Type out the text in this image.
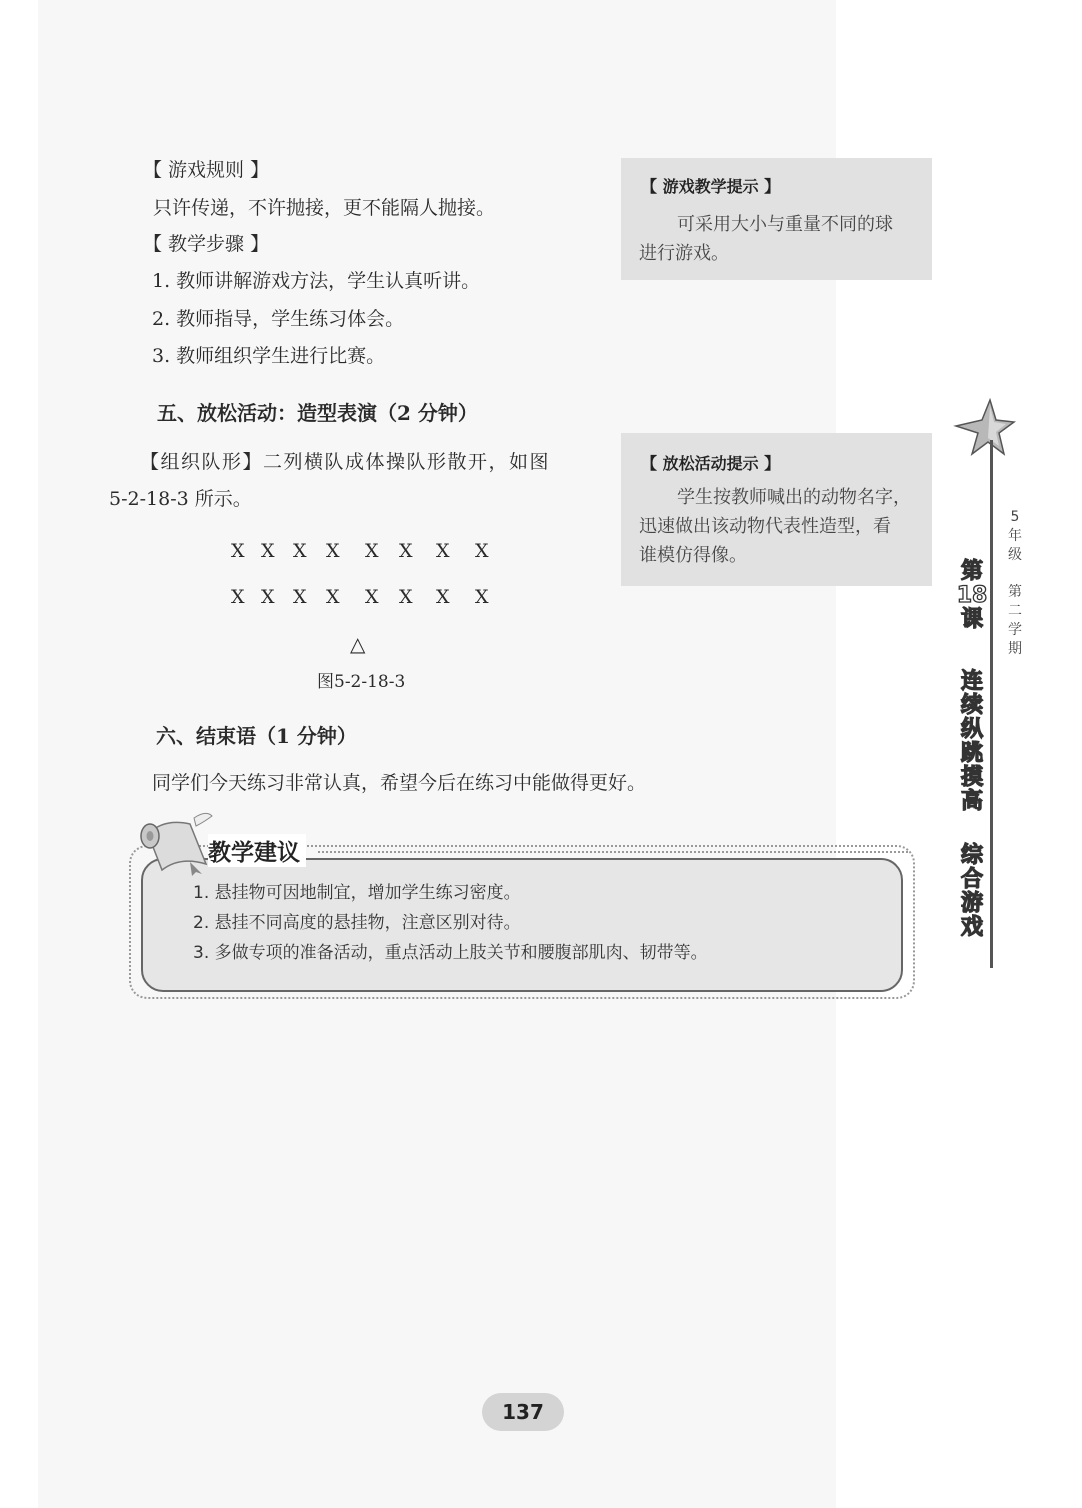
【 游戏规则 】
只许传递，不许抛接，更不能隔人抛接。
【 教学步骤 】
1. 教师讲解游戏方法，学生认真听讲。
2. 教师指导，学生练习体会。
3. 教师组织学生进行比赛。
【 游戏教学提示 】
可采用大小与重量不同的球
进行游戏。
五、放松活动：造型表演（2 分钟）
【组织队形】二列横队成体操队形散开，如图
5-2-18-3 所示。
【 放松活动提示 】
学生按教师喊出的动物名字，
迅速做出该动物代表性造型，看
谁模仿得像。
X X X X X X X X
X X X X X X X X
△
图5-2-18-3
六、结束语（1 分钟）
同学们今天练习非常认真，希望今后在练习中能做得更好。
教学建议
1. 悬挂物可因地制宜，增加学生练习密度。
2. 悬挂不同高度的悬挂物，注意区别对待。
3. 多做专项的准备活动，重点活动上肢关节和腰腹部肌肉、韧带等。
5
年
级
第
二
学
期
第
18
课
连
续
纵
跳
摸
高
综
合
游
戏
137
